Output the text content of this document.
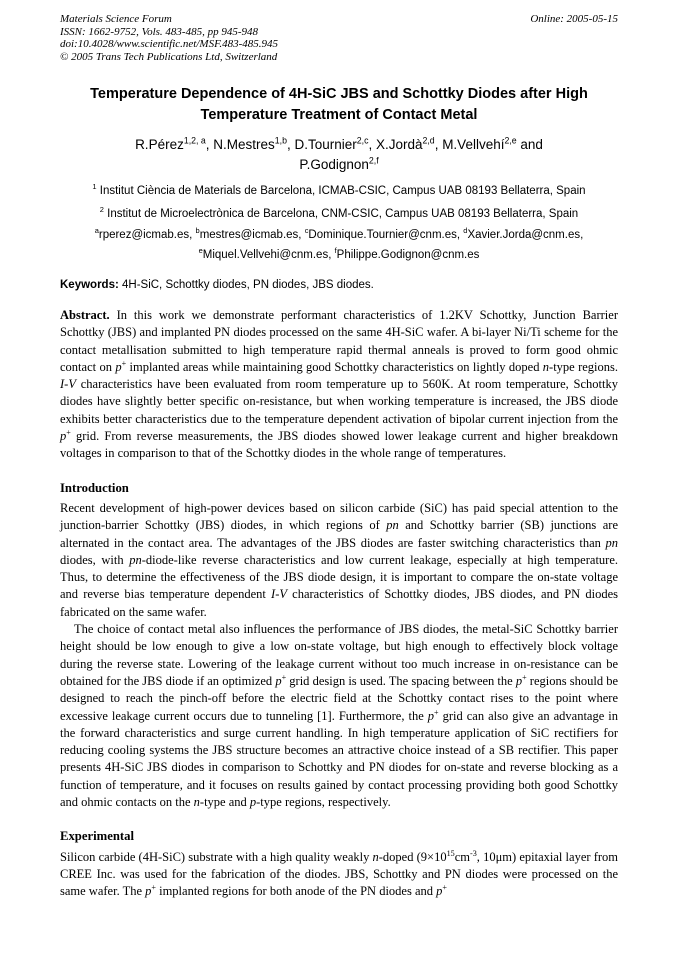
Materials Science Forum
ISSN: 1662-9752, Vols. 483-485, pp 945-948
doi:10.4028/www.scientific.net/MSF.483-485.945
© 2005 Trans Tech Publications Ltd, Switzerland
Online: 2005-05-15
Temperature Dependence of 4H-SiC JBS and Schottky Diodes after High Temperature Treatment of Contact Metal
R.Pérez$^{1,2, a}$, N.Mestres$^{1,b}$, D.Tournier$^{2,c}$, X.Jordà$^{2,d}$, M.Vellvehí$^{2,e}$ and P.Godignon$^{2,f}$
$^1$ Institut Ciència de Materials de Barcelona, ICMAB-CSIC, Campus UAB 08193 Bellaterra, Spain
$^2$ Institut de Microelectrònica de Barcelona, CNM-CSIC, Campus UAB 08193 Bellaterra, Spain
$^a$rperez@icmab.es, $^b$mestres@icmab.es, $^c$Dominique.Tournier@cnm.es, $^d$Xavier.Jorda@cnm.es, $^e$Miquel.Vellvehi@cnm.es, $^f$Philippe.Godignon@cnm.es
Keywords: 4H-SiC, Schottky diodes, PN diodes, JBS diodes.

Abstract. In this work we demonstrate performant characteristics of 1.2KV Schottky, Junction Barrier Schottky (JBS) and implanted PN diodes processed on the same 4H-SiC wafer. A bi-layer Ni/Ti scheme for the contact metallisation submitted to high temperature rapid thermal anneals is proved to form good ohmic contact on p+ implanted areas while maintaining good Schottky characteristics on lightly doped n-type regions. I-V characteristics have been evaluated from room temperature up to 560K. At room temperature, Schottky diodes have slightly better specific on-resistance, but when working temperature is increased, the JBS diode exhibits better characteristics due to the temperature dependent activation of bipolar current injection from the p+ grid. From reverse measurements, the JBS diodes showed lower leakage current and higher breakdown voltages in comparison to that of the Schottky diodes in the whole range of temperatures.

Introduction

Recent development of high-power devices based on silicon carbide (SiC) has paid special attention to the junction-barrier Schottky (JBS) diodes, in which regions of pn and Schottky barrier (SB) junctions are alternated in the contact area. The advantages of the JBS diodes are faster switching characteristics than pn diodes, with pn-diode-like reverse characteristics and low current leakage, especially at high temperature. Thus, to determine the effectiveness of the JBS diode design, it is important to compare the on-state voltage and reverse bias temperature dependent I-V characteristics of Schottky diodes, JBS diodes, and PN diodes fabricated on the same wafer.

The choice of contact metal also influences the performance of JBS diodes, the metal-SiC Schottky barrier height should be low enough to give a low on-state voltage, but high enough to effectively block voltage during the reverse state. Lowering of the leakage current without too much increase in on-resistance can be obtained for the JBS diode if an optimized p+ grid design is used. The spacing between the p+ regions should be designed to reach the pinch-off before the electric field at the Schottky contact rises to the point where excessive leakage current occurs due to tunneling [1]. Furthermore, the p+ grid can also give an advantage in the forward characteristics and surge current handling. In high temperature application of SiC rectifiers for reducing cooling systems the JBS structure becomes an attractive choice instead of a SB rectifier. This paper presents 4H-SiC JBS diodes in comparison to Schottky and PN diodes for on-state and reverse blocking as a function of temperature, and it focuses on results gained by contact processing providing both good Schottky and ohmic contacts on the n-type and p-type regions, respectively.

Experimental

Silicon carbide (4H-SiC) substrate with a high quality weakly n-doped ($9\times 10^{15}cm^{-3}$, 10μm) epitaxial layer from CREE Inc. was used for the fabrication of the diodes. JBS, Schottky and PN diodes were processed on the same wafer. The p+ implanted regions for both anode of the PN diodes and p+
